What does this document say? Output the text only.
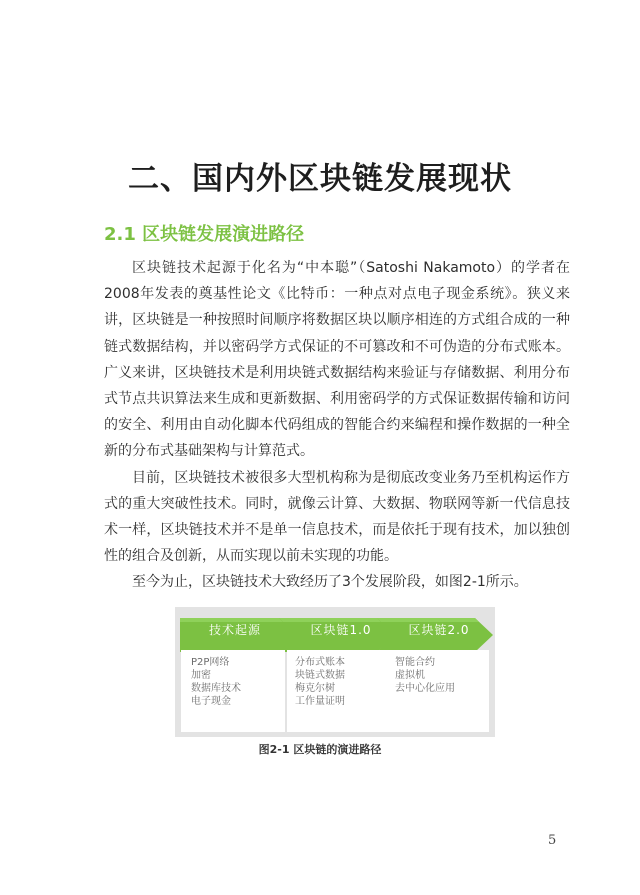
二、国内外区块链发展现状
2.1 区块链发展演进路径

区块链技术起源于化名为“中本聪”（Satoshi Nakamoto）的学者在2008年发表的奠基性论文《比特币：一种点对点电子现金系统》。狭义来讲，区块链是一种按照时间顺序将数据区块以顺序相连的方式组合成的一种链式数据结构，并以密码学方式保证的不可篡改和不可伪造的分布式账本。广义来讲，区块链技术是利用块链式数据结构来验证与存储数据、利用分布式节点共识算法来生成和更新数据、利用密码学的方式保证数据传输和访问的安全、利用由自动化脚本代码组成的智能合约来编程和操作数据的一种全新的分布式基础架构与计算范式。

目前，区块链技术被很多大型机构称为是彻底改变业务乃至机构运作方式的重大突破性技术。同时，就像云计算、大数据、物联网等新一代信息技术一样，区块链技术并不是单一信息技术，而是依托于现有技术，加以独创性的组合及创新，从而实现以前未实现的功能。

至今为止，区块链技术大致经历了3个发展阶段，如图2-1所示。

技术起源	区块链1.0	区块链2.0
P2P网络
加密
数据库技术
电子现金
分布式账本
块链式数据
梅克尔树
工作量证明
智能合约
虚拟机
去中心化应用

图2-1 区块链的演进路径

5
